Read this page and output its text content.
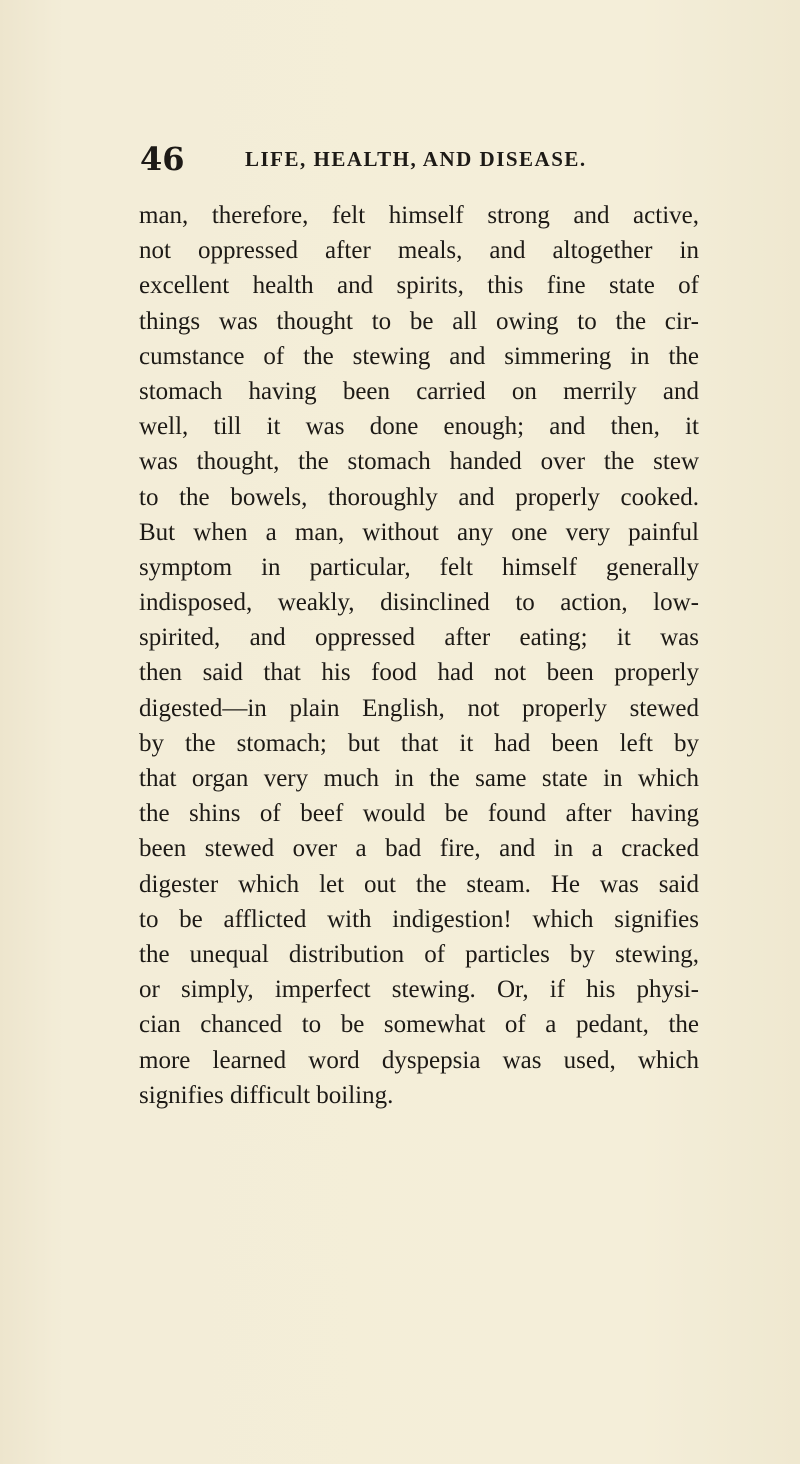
46	LIFE, HEALTH, AND DISEASE.
man, therefore, felt himself strong and active,
not oppressed after meals, and altogether in
excellent health and spirits, this fine state of
things was thought to be all owing to the cir-
cumstance of the stewing and simmering in the
stomach having been carried on merrily and
well, till it was done enough; and then, it
was thought, the stomach handed over the stew
to the bowels, thoroughly and properly cooked.
But when a man, without any one very painful
symptom in particular, felt himself generally
indisposed, weakly, disinclined to action, low-
spirited, and oppressed after eating; it was
then said that his food had not been properly
digested—in plain English, not properly stewed
by the stomach; but that it had been left by
that organ very much in the same state in which
the shins of beef would be found after having
been stewed over a bad fire, and in a cracked
digester which let out the steam. He was said
to be afflicted with indigestion! which signifies
the unequal distribution of particles by stewing,
or simply, imperfect stewing. Or, if his physi-
cian chanced to be somewhat of a pedant, the
more learned word dyspepsia was used, which
signifies difficult boiling.
